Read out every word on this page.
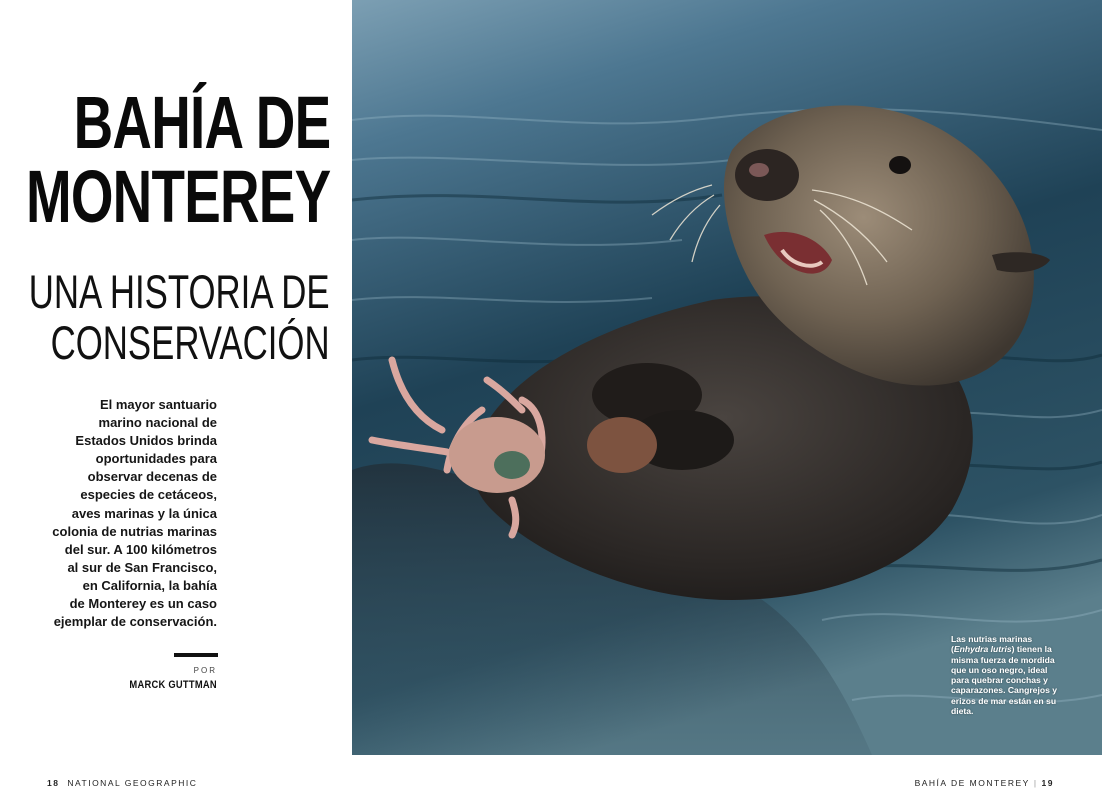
BAHÍA DE
MONTEREY
UNA HISTORIA DE
CONSERVACIÓN

El mayor santuario
marino nacional de
Estados Unidos brinda
oportunidades para
observar decenas de
especies de cetáceos,
aves marinas y la única
colonia de nutrias marinas
del sur. A 100 kilómetros
al sur de San Francisco,
en California, la bahía
de Monterey es un caso
ejemplar de conservación.

POR
MARCK GUTTMAN

Las nutrias marinas (Enhydra lutris) tienen la misma fuerza de mordida que un oso negro, ideal para quebrar conchas y caparazones. Cangrejos y erizos de mar están en su dieta.

18 NATIONAL GEOGRAPHIC	BAHÍA DE MONTEREY | 19
